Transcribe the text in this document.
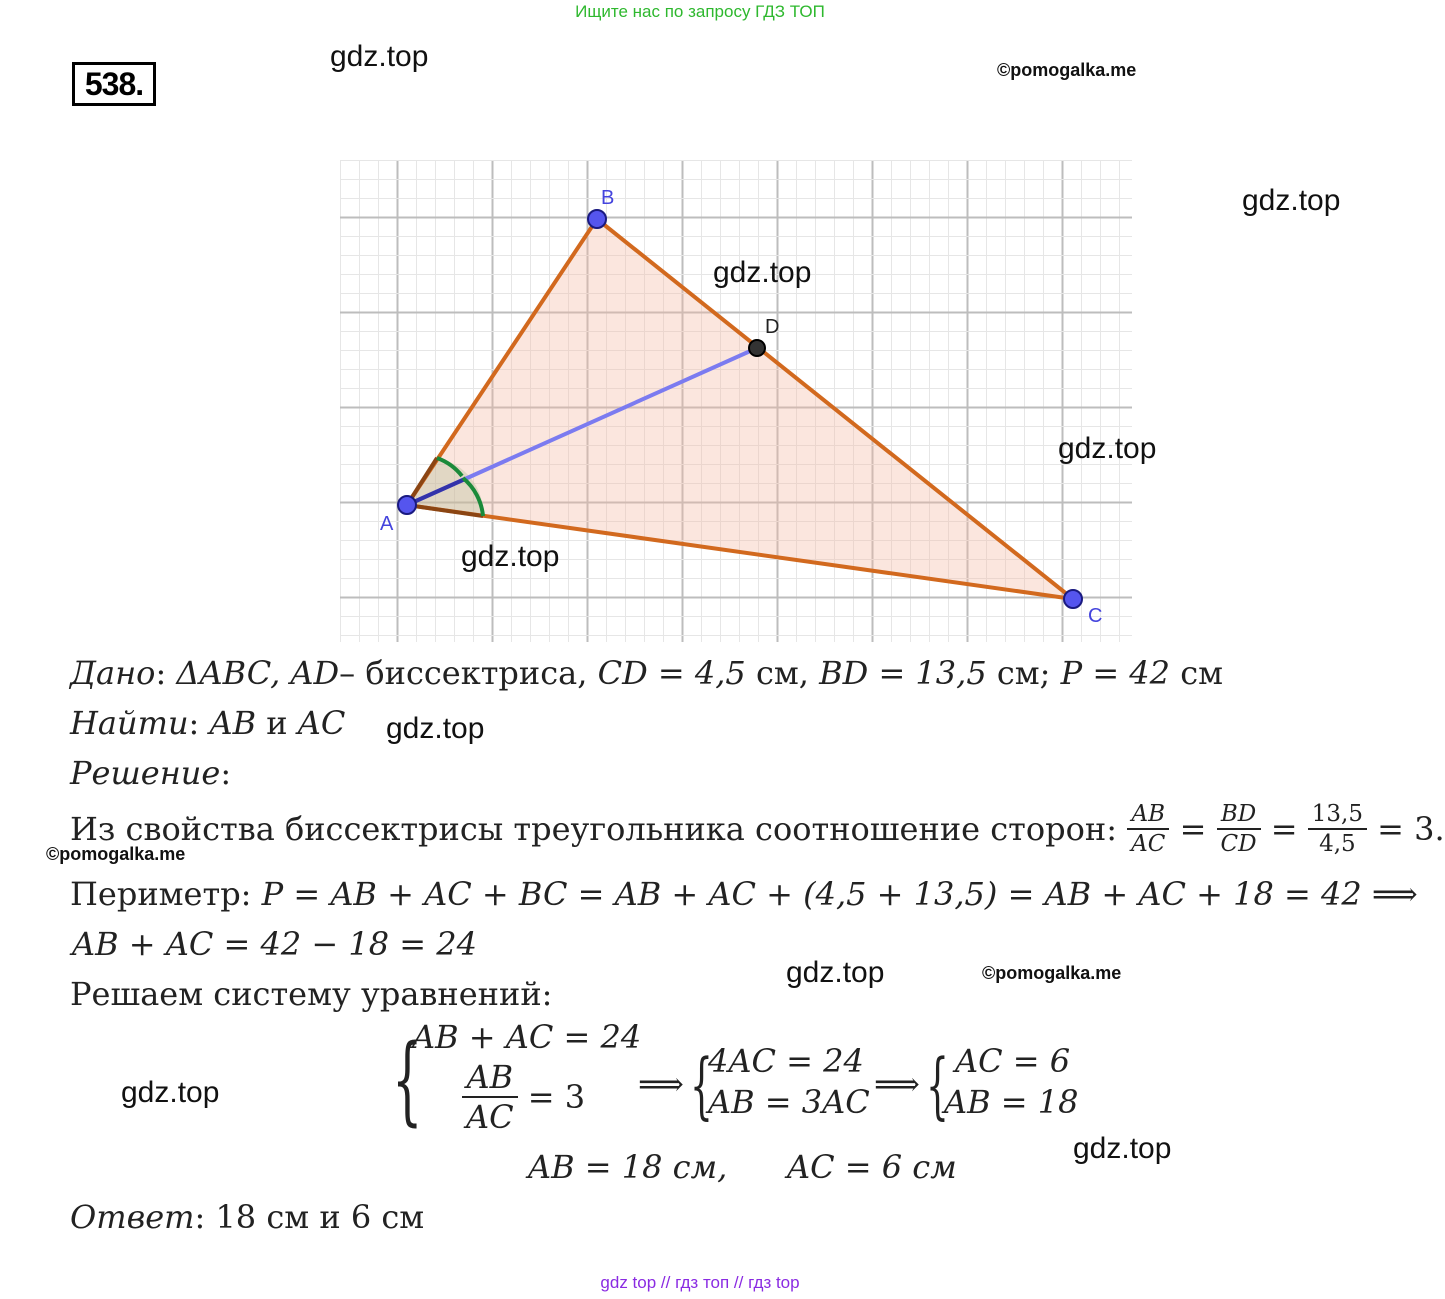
Ищите нас по запросу ГДЗ ТОП
538.
gdz.top	©pomogalka.me
gdz.top
A
B
C
D
gdz.top
gdz.top
gdz.top
Дано: ΔABC, AD– биссектриса, CD = 4,5 см, BD = 13,5 см; P = 42 см
Найти: AB и AC gdz.top
Решение:
Из свойства биссектрисы треугольника соотношение сторон: $\frac{AB}{AC} = \frac{BD}{CD} = \frac{13,5}{4,5} = 3$.
©pomogalka.me
Периметр: P = AB + AC + BC = AB + AC + (4,5 + 13,5) = AB + AC + 18 = 42 ⟹
AB + AC = 42 − 18 = 24
gdz.top	©pomogalka.me
Решаем систему уравнений:
gdz.top {
AB + AC = 24
$\frac{AB}{AC} = 3$ ⟹ {
4AC = 24
AB = 3AC ⟹ { AC = 6
AB = 18
gdz.top
AB = 18 см, AC = 6 см
Ответ: 18 см и 6 см
gdz top // гдз топ // гдз top
